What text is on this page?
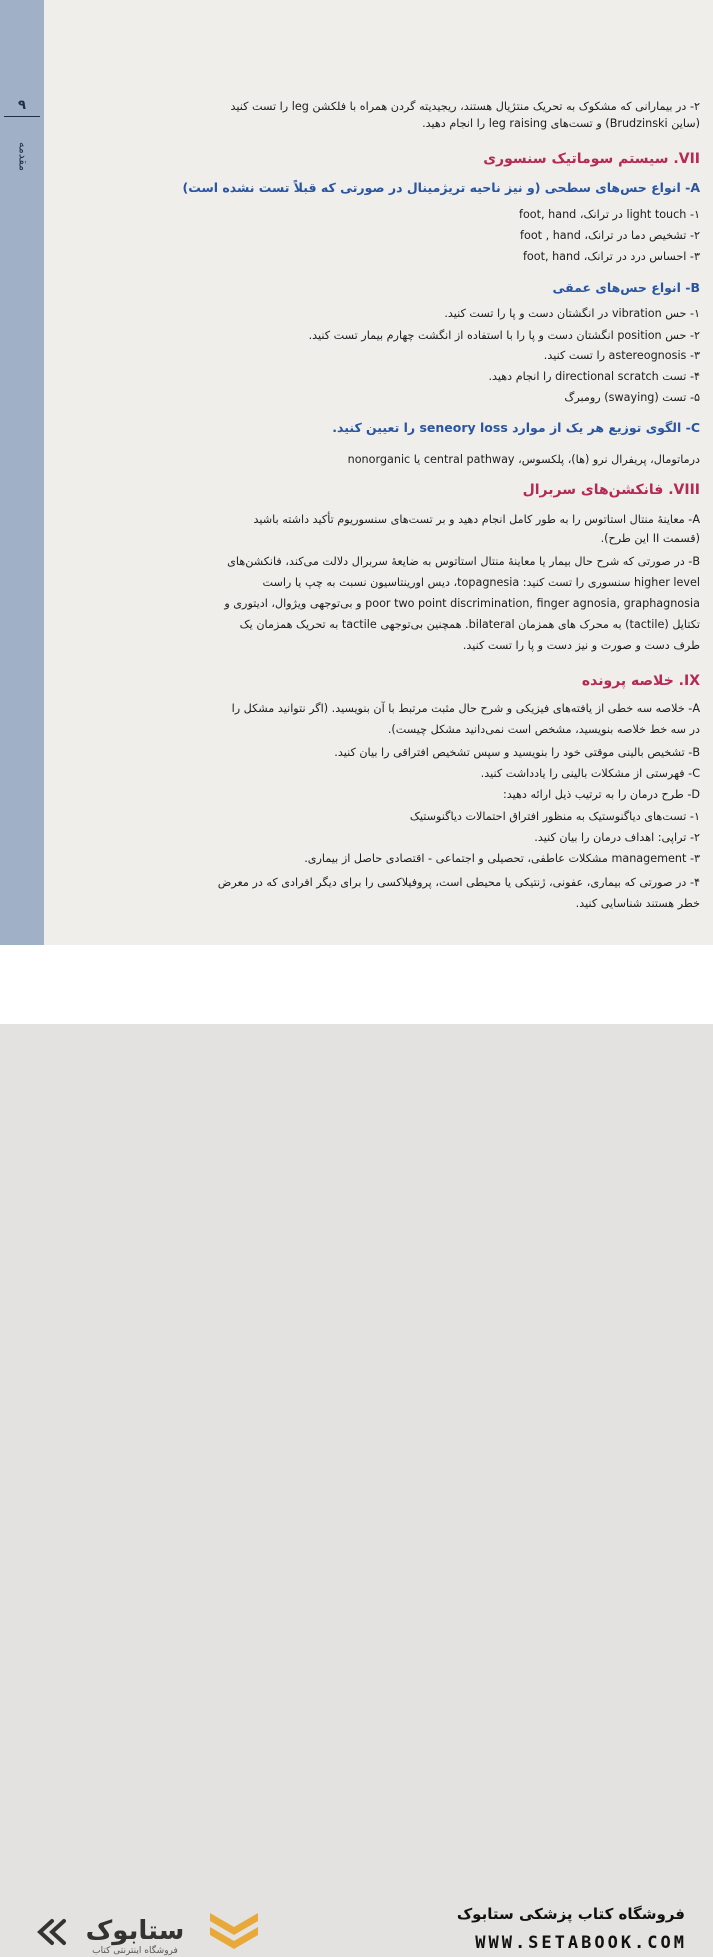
۹
مقدمه
۲- در بیمارانی که مشکوک به تحریک منتژیال هستند، ریجیدیته گردن همراه با فلکشن leg را تست کنید
(ساین Brudzinski) و تست‌های leg raising را انجام دهید.
VII. سیستم سوماتیک سنسوری
A- انواع حس‌های سطحی (و نیز ناحیه تریژمینال در صورتی که قبلاً تست نشده است)
۱- light touch در ترانک، foot, hand
۲- تشخیص دما در ترانک، foot , hand
۳- احساس درد در ترانک، foot, hand
B- انواع حس‌های عمقی
۱- حس vibration در انگشتان دست و پا را تست کنید.
۲- حس position انگشتان دست و پا را با استفاده از انگشت چهارم بیمار تست کنید.
۳- astereognosis را تست کنید.
۴- تست directional scratch را انجام دهید.
۵- تست (swaying) رومبرگ
C- الگوی توزیع هر یک از موارد seneory loss را تعیین کنید.
درماتومال، پریفرال نرو (ها)، پلکسوس، central pathway یا nonorganic
VIII. فانکشن‌های سربرال
A- معاینهٔ منتال استاتوس را به طور کامل انجام دهید و بر تست‌های سنسوریوم تأکید داشته باشید
(قسمت II این طرح).
B- در صورتی که شرح حال بیمار یا معاینهٔ منتال استاتوس به ضایعهٔ سربرال دلالت می‌کند، فانکشن‌های
higher level سنسوری را تست کنید: topagnesia، دیس اورینتاسیون نسبت به چپ یا راست
poor two point discrimination, finger agnosia, graphagnosia و بی‌توجهی ویژوال، ادیتوری و
تکتایل (tactile) به محرک های همزمان bilateral. همچنین بی‌توجهی tactile به تحریک همزمان یک
طرف دست و صورت و نیز دست و پا را تست کنید.
IX. خلاصه پرونده
A- خلاصه سه خطی از یافته‌های فیزیکی و شرح حال مثبت مرتبط با آن بنویسید. (اگر نتوانید مشکل را
در سه خط خلاصه بنویسید، مشخص است نمی‌دانید مشکل چیست).
B- تشخیص بالینی موقتی خود را بنویسید و سپس تشخیص افتراقی را بیان کنید.
C- فهرستی از مشکلات بالینی را یادداشت کنید.
D- طرح درمان را به ترتیب ذیل ارائه دهید:
۱- تست‌های دیاگنوستیک به منظور افتراق احتمالات دیاگنوستیک
۲- تراپی: اهداف درمان را بیان کنید.
۳- management مشکلات عاطفی، تحصیلی و اجتماعی - اقتصادی حاصل از بیماری.
۴- در صورتی که بیماری، عفونی، ژنتیکی یا محیطی است، پروفیلاکسی را برای دیگر افرادی که در معرض
خطر هستند شناسایی کنید.
ستابوک
فروشگاه اینترنتی کتاب
فروشگاه کتاب پزشکی ستابوک
WWW.SETABOOK.COM
